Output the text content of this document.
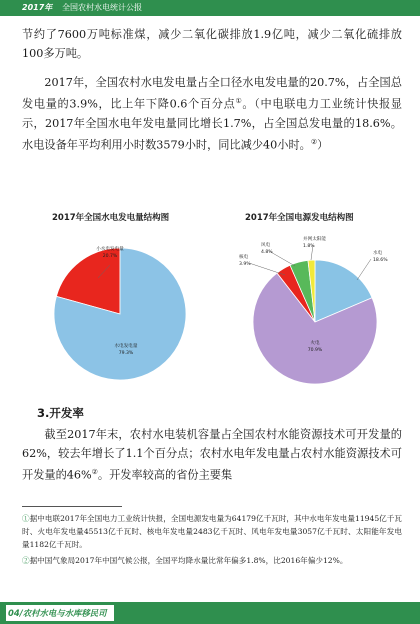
2017年 全国农村水电统计公报

节约了7600万吨标准煤，减少二氧化碳排放1.9亿吨，减少二氧化硫排放100多万吨。

2017年，全国农村水电发电量占全口径水电发电量的20.7%，占全国总发电量的3.9%，比上年下降0.6个百分点①。（中电联电力工业统计快报显示，2017年全国水电年发电量同比增长1.7%，占全国总发电量的18.6%。水电设备年平均利用小时数3579小时，同比减少40小时。②）

2017年全国水电发电量结构图	2017年全国电源发电结构图
小水电发电量
20.7%
水电发电量
79.3%
水电
18.6%
火电
70.9%
核电
3.9%
风电
4.8%
并网太阳能
1.8%
3.开发率

截至2017年末，农村水电装机容量占全国农村水能资源技术可开发量的62%，较去年增长了1.1个百分点；农村水电年发电量占农村水能资源技术可开发量的46%②。开发率较高的省份主要集

①据中电联2017年全国电力工业统计快报，全国电源发电量为64179亿千瓦时，其中水电年发电量11945亿千瓦时、火电年发电量45513亿千瓦时、核电年发电量2483亿千瓦时、风电年发电量3057亿千瓦时、太阳能年发电量1182亿千瓦时。

②据中国气象局2017年中国气候公报，全国平均降水量比常年偏多1.8%，比2016年偏少12%。

04/农村水电与水库移民司
